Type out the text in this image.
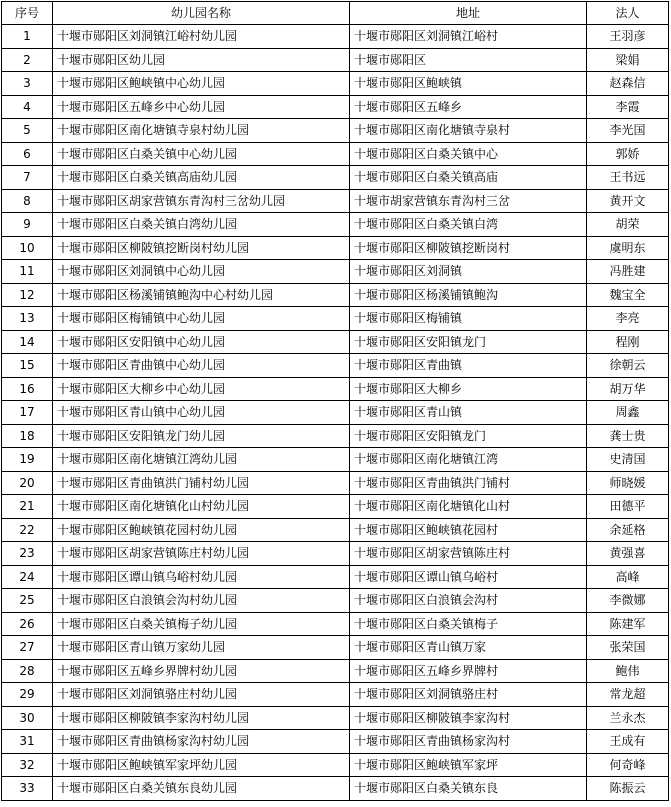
序号	幼儿园名称	地址	法人
1	十堰市郧阳区刘洞镇江峪村幼儿园	十堰市郧阳区刘洞镇江峪村	王羽彦
2	十堰市郧阳区幼儿园	十堰市郧阳区	梁娟
3	十堰市郧阳区鲍峡镇中心幼儿园	十堰市郧阳区鲍峡镇	赵森信
4	十堰市郧阳区五峰乡中心幼儿园	十堰市郧阳区五峰乡	李霞
5	十堰市郧阳区南化塘镇寺泉村幼儿园	十堰市郧阳区南化塘镇寺泉村	李光国
6	十堰市郧阳区白桑关镇中心幼儿园	十堰市郧阳区白桑关镇中心	郭娇
7	十堰市郧阳区白桑关镇高庙幼儿园	十堰市郧阳区白桑关镇高庙	王书远
8	十堰市郧阳区胡家营镇东青沟村三岔幼儿园	十堰市胡家营镇东青沟村三岔	黄开文
9	十堰市郧阳区白桑关镇白湾幼儿园	十堰市郧阳区白桑关镇白湾	胡荣
10	十堰市郧阳区柳陂镇挖断岗村幼儿园	十堰市郧阳区柳陂镇挖断岗村	虞明东
11	十堰市郧阳区刘洞镇中心幼儿园	十堰市郧阳区刘洞镇	冯胜建
12	十堰市郧阳区杨溪铺镇鲍沟中心村幼儿园	十堰市郧阳区杨溪铺镇鲍沟	魏宝全
13	十堰市郧阳区梅铺镇中心幼儿园	十堰市郧阳区梅铺镇	李亮
14	十堰市郧阳区安阳镇中心幼儿园	十堰市郧阳区安阳镇龙门	程刚
15	十堰市郧阳区青曲镇中心幼儿园	十堰市郧阳区青曲镇	徐朝云
16	十堰市郧阳区大柳乡中心幼儿园	十堰市郧阳区大柳乡	胡万华
17	十堰市郧阳区青山镇中心幼儿园	十堰市郧阳区青山镇	周鑫
18	十堰市郧阳区安阳镇龙门幼儿园	十堰市郧阳区安阳镇龙门	龚士贵
19	十堰市郧阳区南化塘镇江湾幼儿园	十堰市郧阳区南化塘镇江湾	史清国
20	十堰市郧阳区青曲镇洪门铺村幼儿园	十堰市郧阳区青曲镇洪门铺村	师晓媛
21	十堰市郧阳区南化塘镇化山村幼儿园	十堰市郧阳区南化塘镇化山村	田德平
22	十堰市郧阳区鲍峡镇花园村幼儿园	十堰市郧阳区鲍峡镇花园村	余延格
23	十堰市郧阳区胡家营镇陈庄村幼儿园	十堰市郧阳区胡家营镇陈庄村	黄强喜
24	十堰市郧阳区谭山镇乌峪村幼儿园	十堰市郧阳区谭山镇乌峪村	高峰
25	十堰市郧阳区白浪镇会沟村幼儿园	十堰市郧阳区白浪镇会沟村	李微娜
26	十堰市郧阳区白桑关镇梅子幼儿园	十堰市郧阳区白桑关镇梅子	陈建军
27	十堰市郧阳区青山镇万家幼儿园	十堰市郧阳区青山镇万家	张荣国
28	十堰市郧阳区五峰乡界牌村幼儿园	十堰市郧阳区五峰乡界牌村	鲍伟
29	十堰市郧阳区刘洞镇骆庄村幼儿园	十堰市郧阳区刘洞镇骆庄村	常龙超
30	十堰市郧阳区柳陂镇李家沟村幼儿园	十堰市郧阳区柳陂镇李家沟村	兰永杰
31	十堰市郧阳区青曲镇杨家沟村幼儿园	十堰市郧阳区青曲镇杨家沟村	王成有
32	十堰市郧阳区鲍峡镇军家坪幼儿园	十堰市郧阳区鲍峡镇军家坪	何奇峰
33	十堰市郧阳区白桑关镇东良幼儿园	十堰市郧阳区白桑关镇东良	陈振云
